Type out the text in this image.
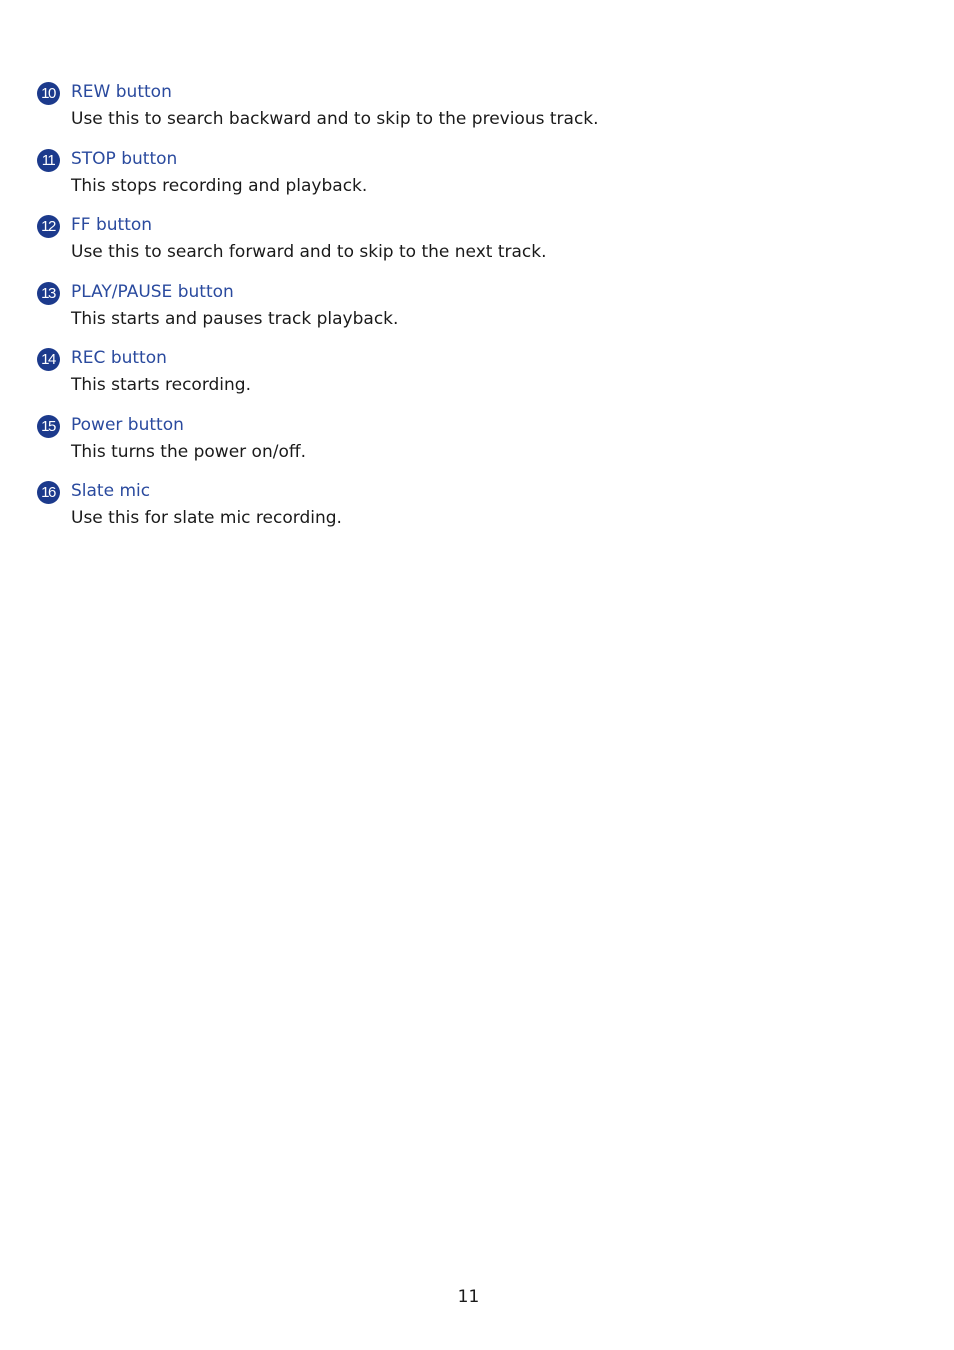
10 REW button
Use this to search backward and to skip to the previous track.
11 STOP button
This stops recording and playback.
12 FF button
Use this to search forward and to skip to the next track.
13 PLAY/PAUSE button
This starts and pauses track playback.
14 REC button
This starts recording.
15 Power button
This turns the power on/off.
16 Slate mic
Use this for slate mic recording.
11
